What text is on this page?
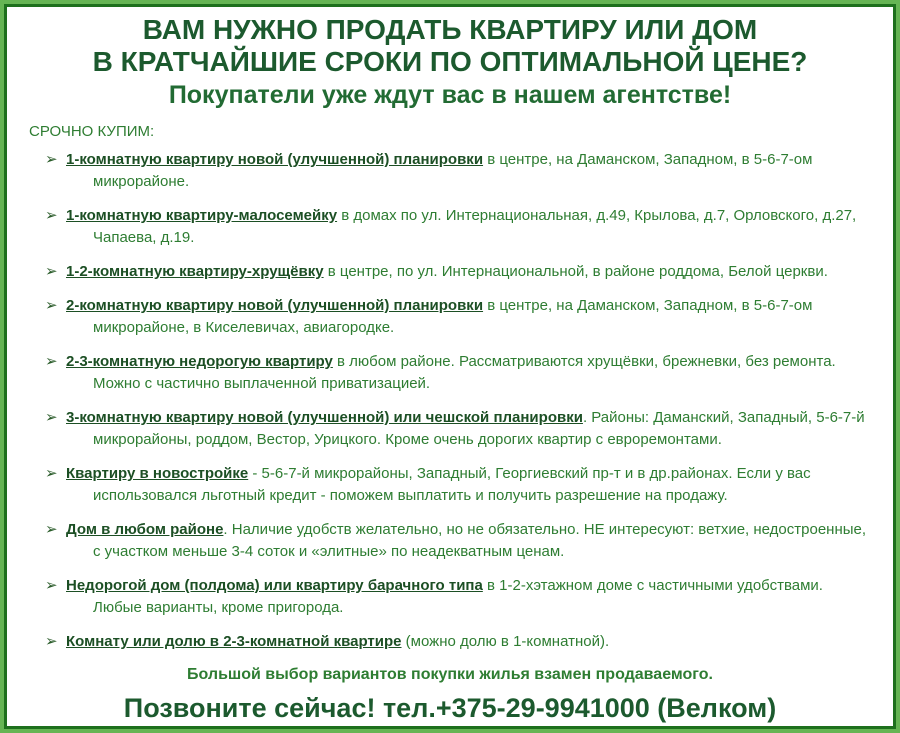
ВАМ НУЖНО ПРОДАТЬ КВАРТИРУ ИЛИ ДОМ
В КРАТЧАЙШИЕ СРОКИ ПО ОПТИМАЛЬНОЙ ЦЕНЕ?
Покупатели уже ждут вас в нашем агентстве!
СРОЧНО КУПИМ:
➢ 1-комнатную квартиру новой (улучшенной) планировки в центре, на Даманском, Западном, в 5-6-7-ом микрорайоне.
➢ 1-комнатную квартиру-малосемейку в домах по ул. Интернациональная, д.49, Крылова, д.7, Орловского, д.27, Чапаева, д.19.
➢ 1-2-комнатную квартиру-хрущёвку в центре, по ул. Интернациональной, в районе роддома, Белой церкви.
➢ 2-комнатную квартиру новой (улучшенной) планировки в центре, на Даманском, Западном, в 5-6-7-ом микрорайоне, в Киселевичах, авиагородке.
➢ 2-3-комнатную недорогую квартиру в любом районе. Рассматриваются хрущёвки, брежневки, без ремонта. Можно с частично выплаченной приватизацией.
➢ 3-комнатную квартиру новой (улучшенной) или чешской планировки. Районы: Даманский, Западный, 5-6-7-й микрорайоны, роддом, Вестор, Урицкого. Кроме очень дорогих квартир с евроремонтами.
➢ Квартиру в новостройке - 5-6-7-й микрорайоны, Западный, Георгиевский пр-т и в др.районах. Если у вас использовался льготный кредит - поможем выплатить и получить разрешение на продажу.
➢ Дом в любом районе. Наличие удобств желательно, но не обязательно. НЕ интересуют: ветхие, недостроенные, с участком меньше 3-4 соток и «элитные» по неадекватным ценам.
➢ Недорогой дом (полдома) или квартиру барачного типа в 1-2-хэтажном доме с частичными удобствами. Любые варианты, кроме пригорода.
➢ Комнату или долю в 2-3-комнатной квартире (можно долю в 1-комнатной).
Большой выбор вариантов покупки жилья взамен продаваемого.
Позвоните сейчас! тел.+375-29-9941000 (Велком)
